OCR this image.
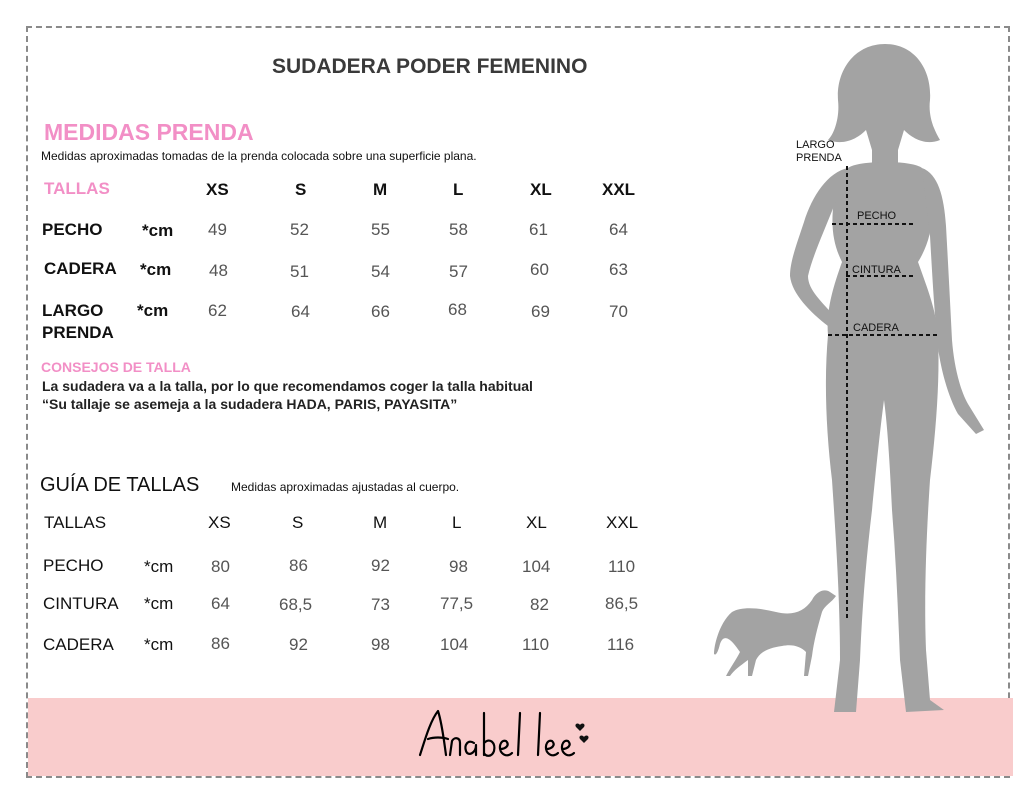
SUDADERA PODER FEMENINO
MEDIDAS PRENDA
Medidas aproximadas tomadas de la prenda colocada sobre una superficie plana.
TALLAS	XS	S	M	L	XL	XXL
PECHO *cm 49	52	55	58	61	64
CADERA *cm 48	51	54	57	60	63
LARGO
PRENDA
*cm 62	64	66	68	69	70
CONSEJOS DE TALLA
La sudadera va a la talla, por lo que recomendamos coger la talla habitual
“Su tallaje se asemeja a la sudadera HADA, PARIS, PAYASITA”
GUÍA DE TALLAS	Medidas aproximadas ajustadas al cuerpo.
TALLAS	XS	S	M	L	XL	XXL
PECHO *cm 80	86	92	98	104	110
CINTURA *cm 64	68,5	73	77,5	82	86,5
CADERA *cm 86	92	98	104	110	116
LARGO
PRENDA
PECHO
CINTURA
CADERA
